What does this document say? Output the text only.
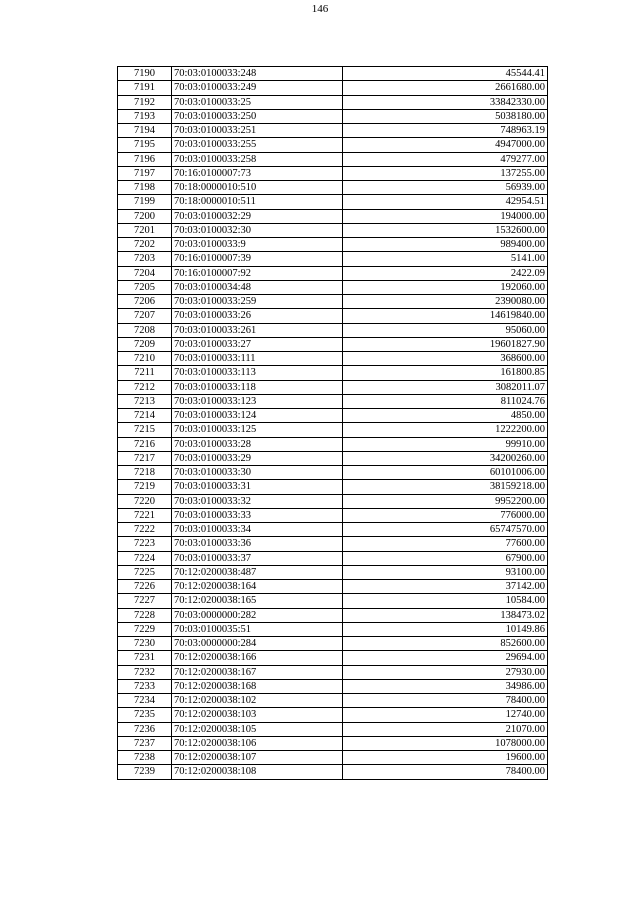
146
7190	70:03:0100033:248	45544.41
7191	70:03:0100033:249	2661680.00
7192	70:03:0100033:25	33842330.00
7193	70:03:0100033:250	5038180.00
7194	70:03:0100033:251	748963.19
7195	70:03:0100033:255	4947000.00
7196	70:03:0100033:258	479277.00
7197	70:16:0100007:73	137255.00
7198	70:18:0000010:510	56939.00
7199	70:18:0000010:511	42954.51
7200	70:03:0100032:29	194000.00
7201	70:03:0100032:30	1532600.00
7202	70:03:0100033:9	989400.00
7203	70:16:0100007:39	5141.00
7204	70:16:0100007:92	2422.09
7205	70:03:0100034:48	192060.00
7206	70:03:0100033:259	2390080.00
7207	70:03:0100033:26	14619840.00
7208	70:03:0100033:261	95060.00
7209	70:03:0100033:27	19601827.90
7210	70:03:0100033:111	368600.00
7211	70:03:0100033:113	161800.85
7212	70:03:0100033:118	3082011.07
7213	70:03:0100033:123	811024.76
7214	70:03:0100033:124	4850.00
7215	70:03:0100033:125	1222200.00
7216	70:03:0100033:28	99910.00
7217	70:03:0100033:29	34200260.00
7218	70:03:0100033:30	60101006.00
7219	70:03:0100033:31	38159218.00
7220	70:03:0100033:32	9952200.00
7221	70:03:0100033:33	776000.00
7222	70:03:0100033:34	65747570.00
7223	70:03:0100033:36	77600.00
7224	70:03:0100033:37	67900.00
7225	70:12:0200038:487	93100.00
7226	70:12:0200038:164	37142.00
7227	70:12:0200038:165	10584.00
7228	70:03:0000000:282	138473.02
7229	70:03:0100035:51	10149.86
7230	70:03:0000000:284	852600.00
7231	70:12:0200038:166	29694.00
7232	70:12:0200038:167	27930.00
7233	70:12:0200038:168	34986.00
7234	70:12:0200038:102	78400.00
7235	70:12:0200038:103	12740.00
7236	70:12:0200038:105	21070.00
7237	70:12:0200038:106	1078000.00
7238	70:12:0200038:107	19600.00
7239	70:12:0200038:108	78400.00
